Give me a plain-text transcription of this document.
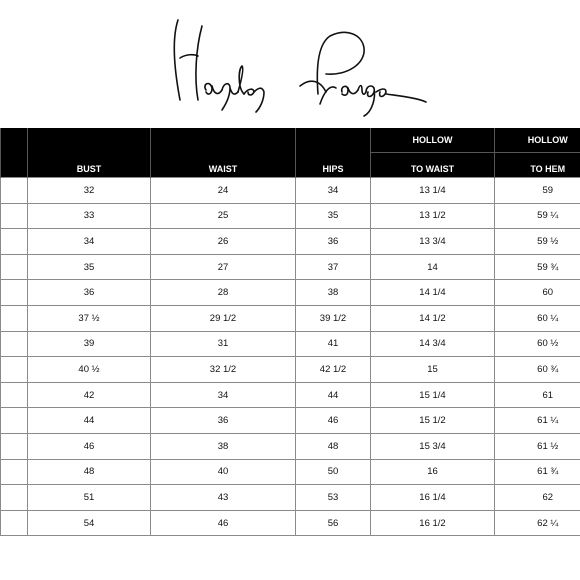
	BUST	WAIST	HIPS	HOLLOW	HOLLOW

				TO WAIST	TO HEM

	32	24	34	13 1/4	59
	33	25	35	13 1/2	59 ¼
	34	26	36	13 3/4	59 ½
	35	27	37	14	59 ¾
	36	28	38	14 1/4	60
	37 ½	29 1/2	39 1/2	14 1/2	60 ¼
	39	31	41	14 3/4	60 ½
	40 ½	32 1/2	42 1/2	15	60 ¾
	42	34	44	15 1/4	61
	44	36	46	15 1/2	61 ¼
	46	38	48	15 3/4	61 ½
	48	40	50	16	61 ¾
	51	43	53	16 1/4	62
	54	46	56	16 1/2	62 ¼
